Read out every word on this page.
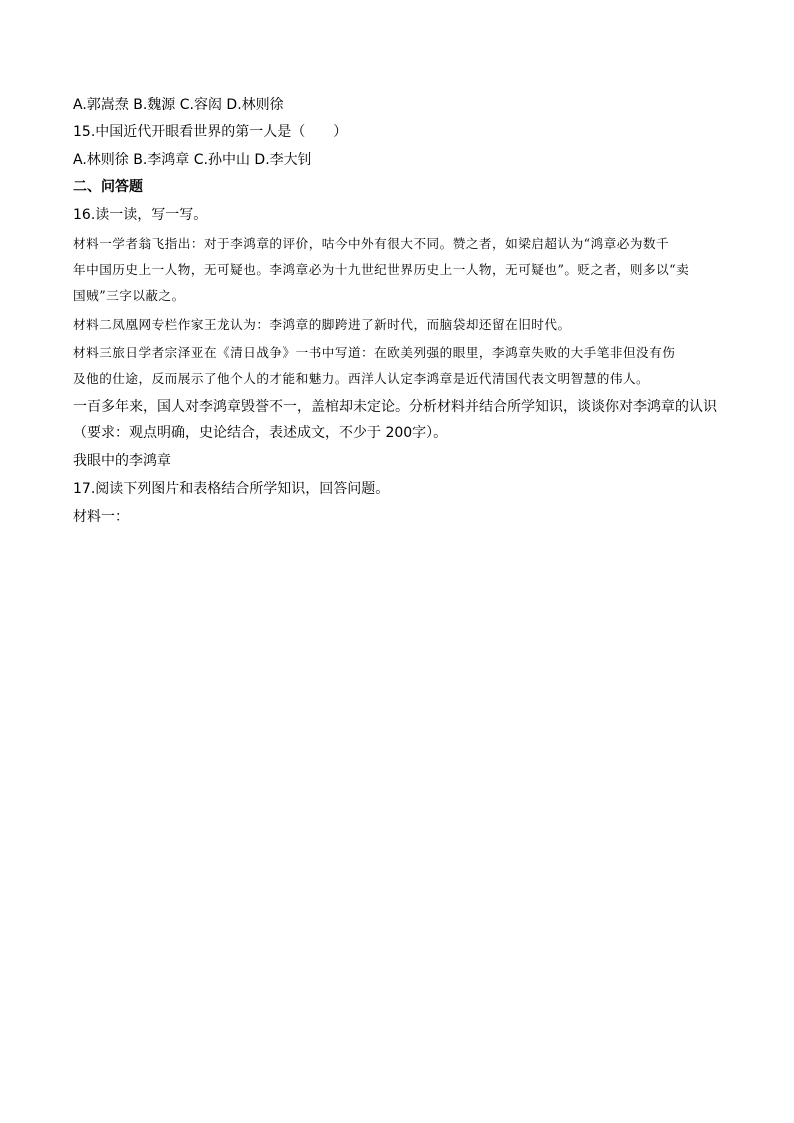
A.郭嵩焘 B.魏源 C.容闳 D.林则徐
15.中国近代开眼看世界的第一人是（　　）
A.林则徐 B.李鸿章 C.孙中山 D.李大钊
二、问答题
16.读一读，写一写。
材料一学者翁飞指出：对于李鸿章的评价，咕今中外有很大不同。赞之者，如梁启超认为“鸿章必为数千
年中国历史上一人物，无可疑也。李鸿章必为十九世纪世界历史上一人物，无可疑也”。贬之者，则多以“卖
国贼”三字以蔽之。
材料二凤凰网专栏作家王龙认为：李鸿章的脚跨进了新时代，而脑袋却还留在旧时代。
材料三旅日学者宗泽亚在《清日战争》一书中写道：在欧美列强的眼里，李鸿章失败的大手笔非但没有伤
及他的仕途，反而展示了他个人的才能和魅力。西洋人认定李鸿章是近代清国代表文明智慧的伟人。
一百多年来，国人对李鸿章毁誉不一，盖棺却未定论。分析材料并结合所学知识，谈谈你对李鸿章的认识
（要求：观点明确，史论结合，表述成文，不少于 200字）。
我眼中的李鸿章
17.阅读下列图片和表格结合所学知识，回答问题。
材料一：
